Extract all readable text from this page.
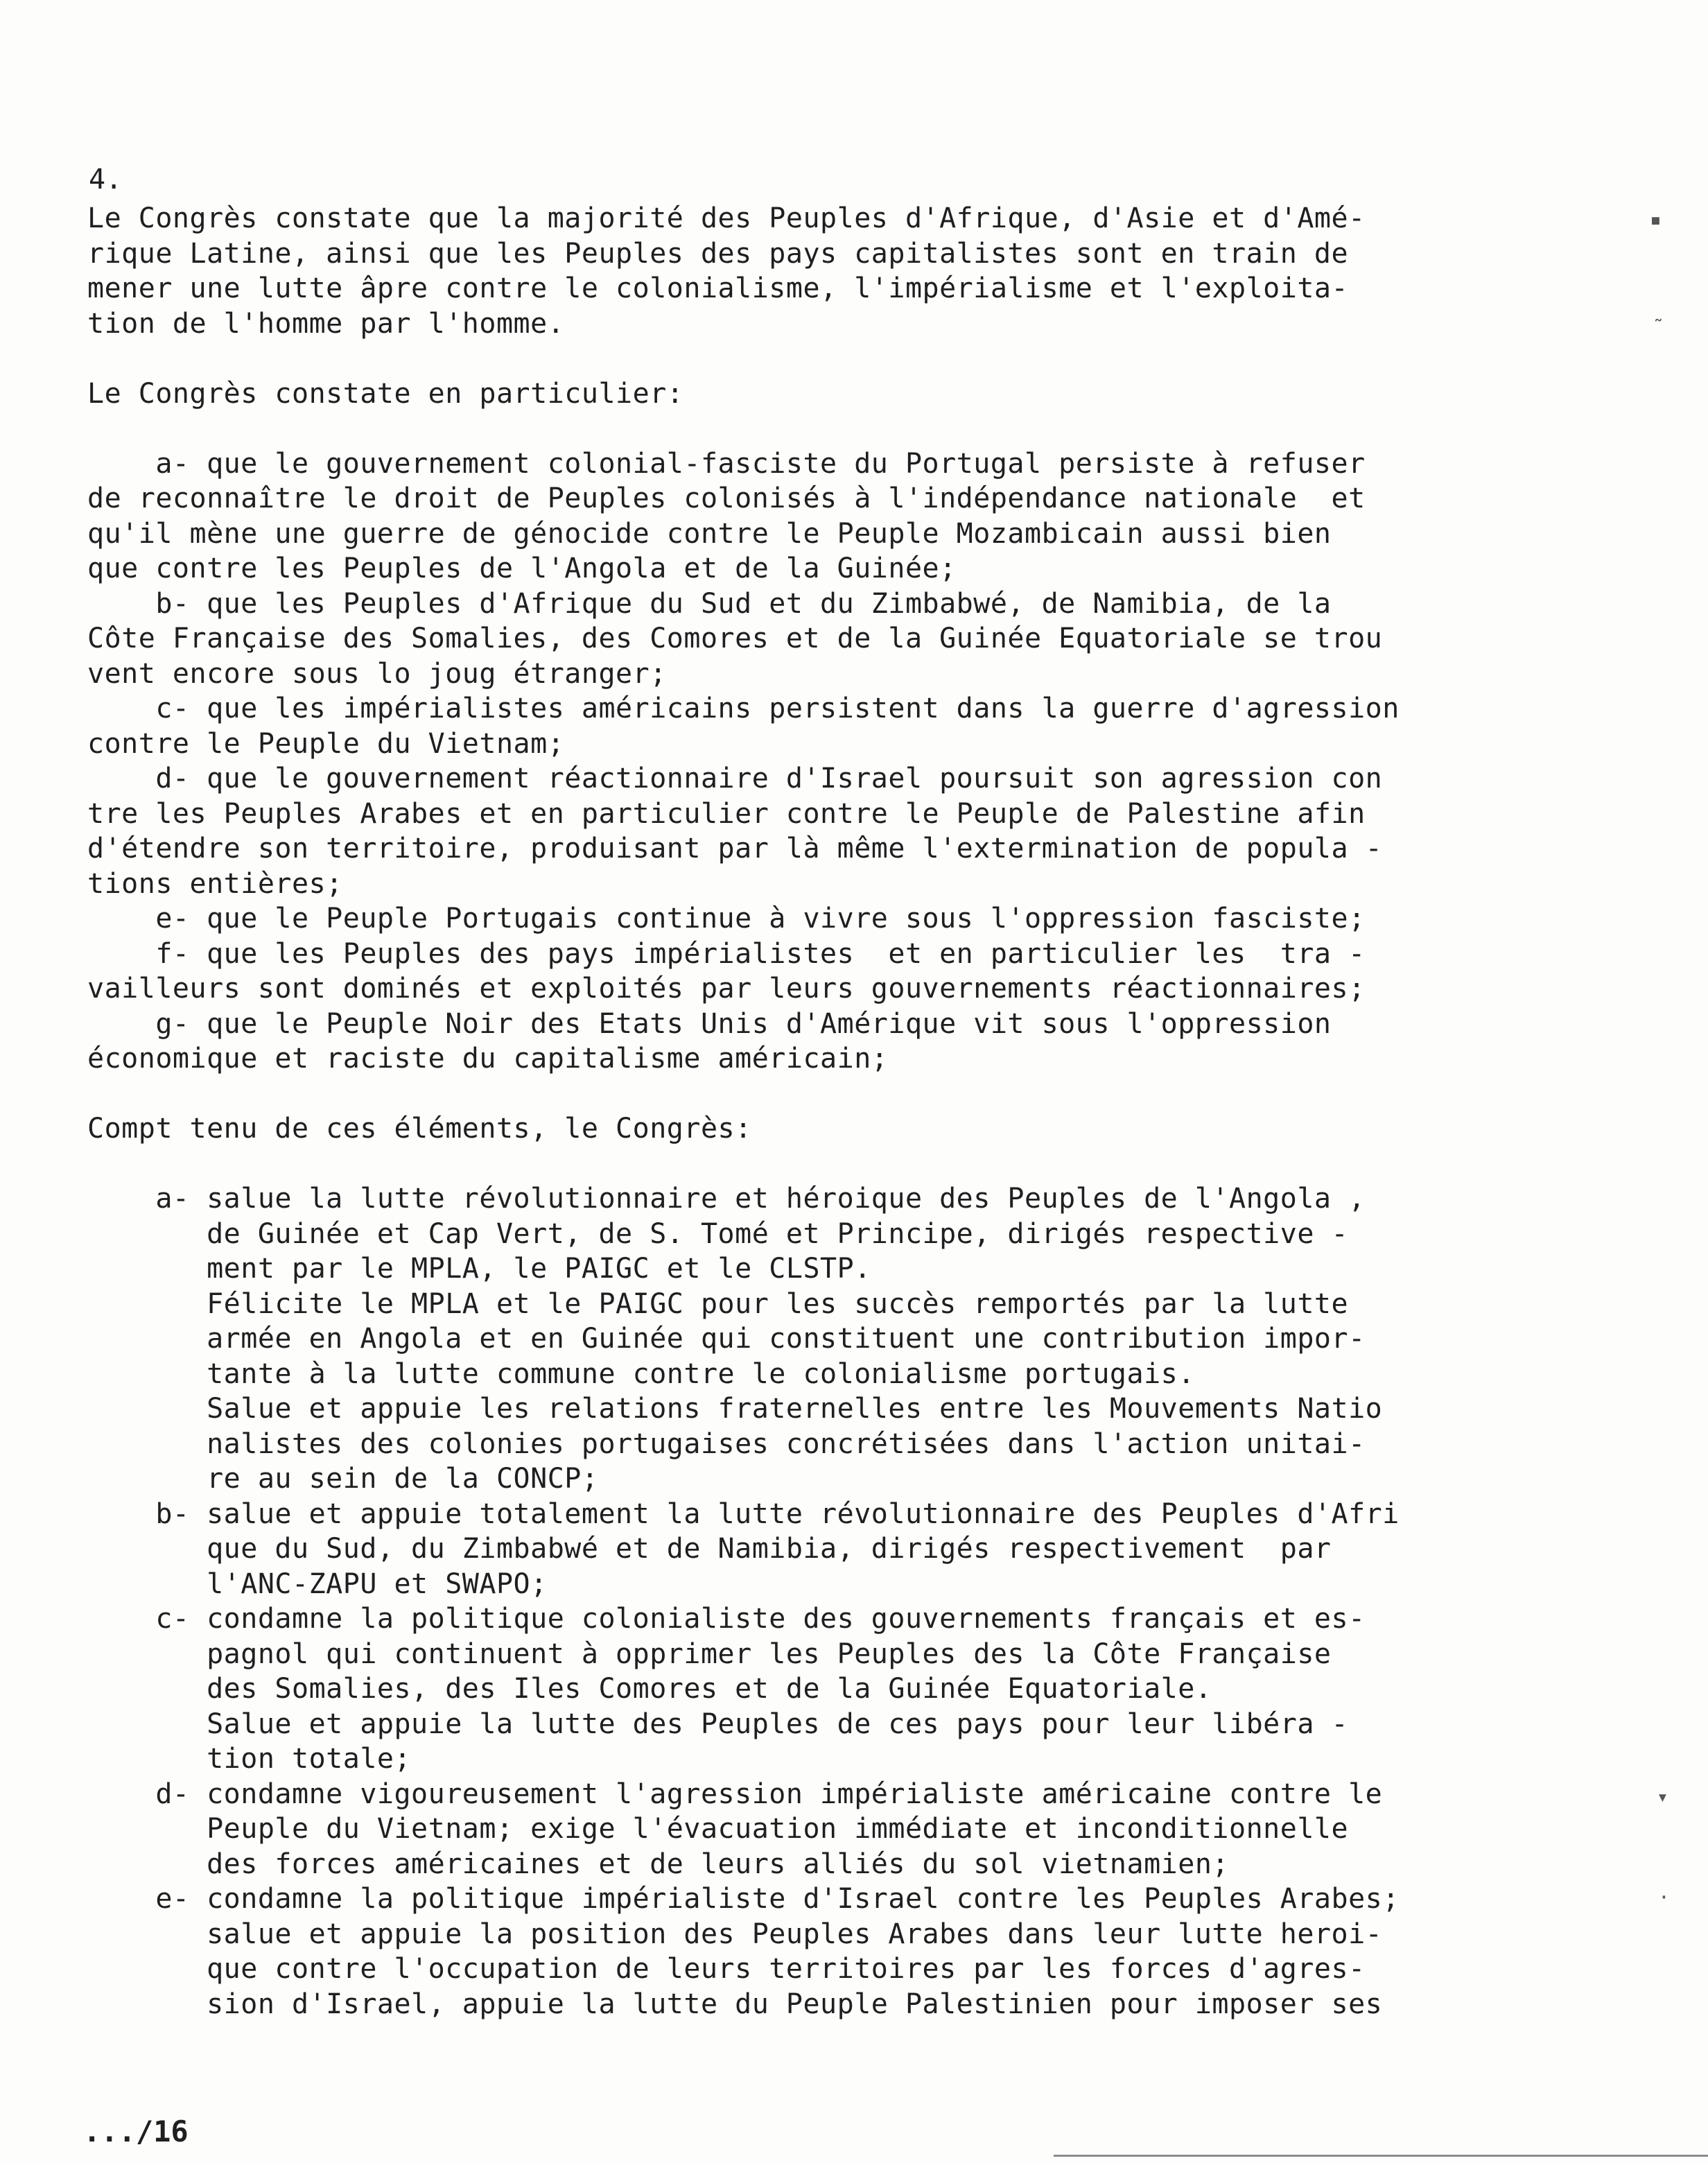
4.
Le Congrès constate que la majorité des Peuples d'Afrique, d'Asie et d'Amé-
rique Latine, ainsi que les Peuples des pays capitalistes sont en train de
mener une lutte âpre contre le colonialisme, l'impérialisme et l'exploita-
tion de l'homme par l'homme.
Le Congrès constate en particulier:
a- que le gouvernement colonial-fasciste du Portugal persiste à refuser
de reconnaître le droit de Peuples colonisés à l'indépendance nationale  et
qu'il mène une guerre de génocide contre le Peuple Mozambicain aussi bien
que contre les Peuples de l'Angola et de la Guinée;
b- que les Peuples d'Afrique du Sud et du Zimbabwé, de Namibia, de la
Côte Française des Somalies, des Comores et de la Guinée Equatoriale se trou
vent encore sous lo joug étranger;
c- que les impérialistes américains persistent dans la guerre d'agression
contre le Peuple du Vietnam;
d- que le gouvernement réactionnaire d'Israel poursuit son agression con
tre les Peuples Arabes et en particulier contre le Peuple de Palestine afin
d'étendre son territoire, produisant par là même l'extermination de popula -
tions entières;
e- que le Peuple Portugais continue à vivre sous l'oppression fasciste;
f- que les Peuples des pays impérialistes  et en particulier les  tra -
vailleurs sont dominés et exploités par leurs gouvernements réactionnaires;
g- que le Peuple Noir des Etats Unis d'Amérique vit sous l'oppression
économique et raciste du capitalisme américain;
Compt tenu de ces éléments, le Congrès:
a- salue la lutte révolutionnaire et héroique des Peuples de l'Angola ,
de Guinée et Cap Vert, de S. Tomé et Principe, dirigés respective -
ment par le MPLA, le PAIGC et le CLSTP.
Félicite le MPLA et le PAIGC pour les succès remportés par la lutte
armée en Angola et en Guinée qui constituent une contribution impor-
tante à la lutte commune contre le colonialisme portugais.
Salue et appuie les relations fraternelles entre les Mouvements Natio
nalistes des colonies portugaises concrétisées dans l'action unitai-
re au sein de la CONCP;
b- salue et appuie totalement la lutte révolutionnaire des Peuples d'Afri
que du Sud, du Zimbabwé et de Namibia, dirigés respectivement  par
l'ANC-ZAPU et SWAPO;
c- condamne la politique colonialiste des gouvernements français et es-
pagnol qui continuent à opprimer les Peuples des la Côte Française
des Somalies, des Iles Comores et de la Guinée Equatoriale.
Salue et appuie la lutte des Peuples de ces pays pour leur libéra -
tion totale;
d- condamne vigoureusement l'agression impérialiste américaine contre le
Peuple du Vietnam; exige l'évacuation immédiate et inconditionnelle
des forces américaines et de leurs alliés du sol vietnamien;
e- condamne la politique impérialiste d'Israel contre les Peuples Arabes;
salue et appuie la position des Peuples Arabes dans leur lutte heroi-
que contre l'occupation de leurs territoires par les forces d'agres-
sion d'Israel, appuie la lutte du Peuple Palestinien pour imposer ses
.../16
▪
˜
▾
·
